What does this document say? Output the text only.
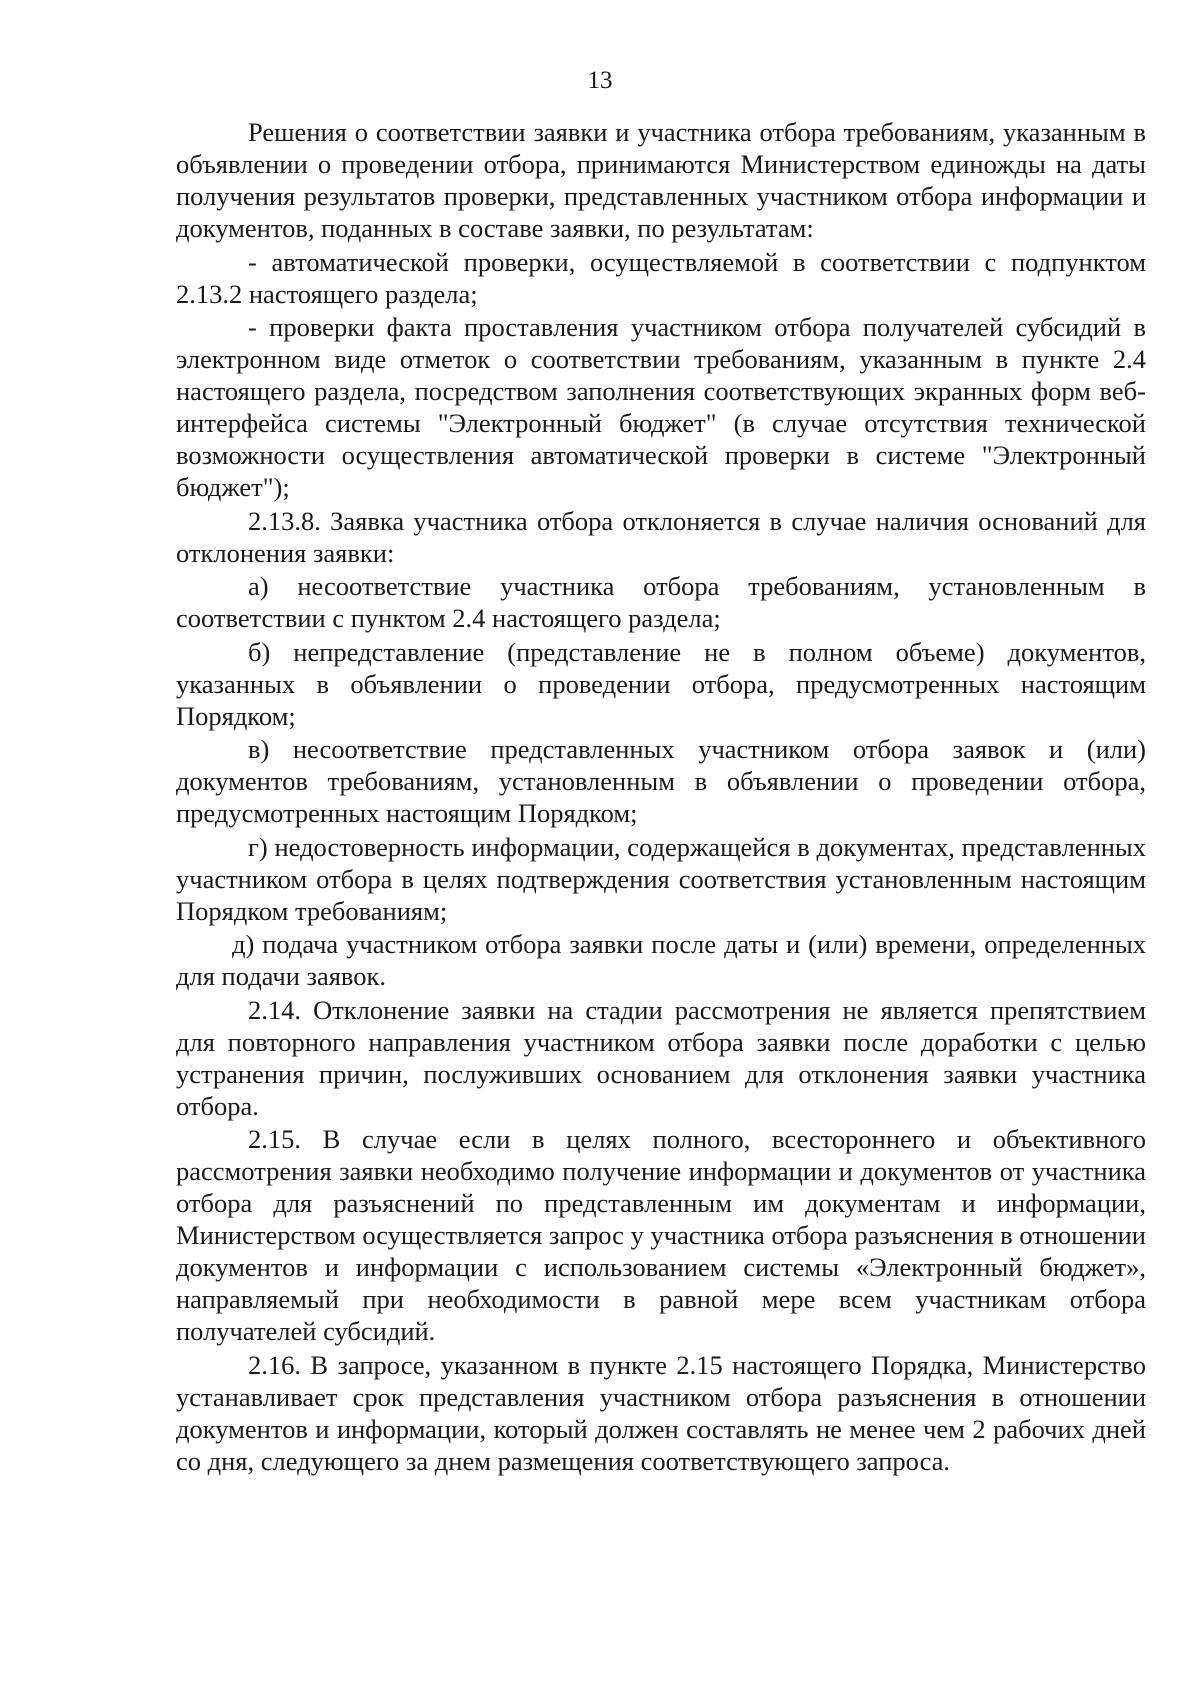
13

Решения о соответствии заявки и участника отбора требованиям, указанным в объявлении о проведении отбора, принимаются Министерством единожды на даты получения результатов проверки, представленных участником отбора информации и документов, поданных в составе заявки, по результатам:

- автоматической проверки, осуществляемой в соответствии с подпунктом 2.13.2 настоящего раздела;

- проверки факта проставления участником отбора получателей субсидий в электронном виде отметок о соответствии требованиям, указанным в пункте 2.4 настоящего раздела, посредством заполнения соответствующих экранных форм веб-интерфейса системы "Электронный бюджет" (в случае отсутствия технической возможности осуществления автоматической проверки в системе "Электронный бюджет");

2.13.8. Заявка участника отбора отклоняется в случае наличия оснований для отклонения заявки:

а) несоответствие участника отбора требованиям, установленным в соответствии с пунктом 2.4 настоящего раздела;

б) непредставление (представление не в полном объеме) документов, указанных в объявлении о проведении отбора, предусмотренных настоящим Порядком;

в) несоответствие представленных участником отбора заявок и (или) документов требованиям, установленным в объявлении о проведении отбора, предусмотренных настоящим Порядком;

г) недостоверность информации, содержащейся в документах, представленных участником отбора в целях подтверждения соответствия установленным настоящим Порядком требованиям;

д) подача участником отбора заявки после даты и (или) времени, определенных для подачи заявок.

2.14. Отклонение заявки на стадии рассмотрения не является препятствием для повторного направления участником отбора заявки после доработки с целью устранения причин, послуживших основанием для отклонения заявки участника отбора.

2.15. В случае если в целях полного, всестороннего и объективного рассмотрения заявки необходимо получение информации и документов от участника отбора для разъяснений по представленным им документам и информации, Министерством осуществляется запрос у участника отбора разъяснения в отношении документов и информации с использованием системы «Электронный бюджет», направляемый при необходимости в равной мере всем участникам отбора получателей субсидий.

2.16. В запросе, указанном в пункте 2.15 настоящего Порядка, Министерство устанавливает срок представления участником отбора разъяснения в отношении документов и информации, который должен составлять не менее чем 2 рабочих дней со дня, следующего за днем размещения соответствующего запроса.
